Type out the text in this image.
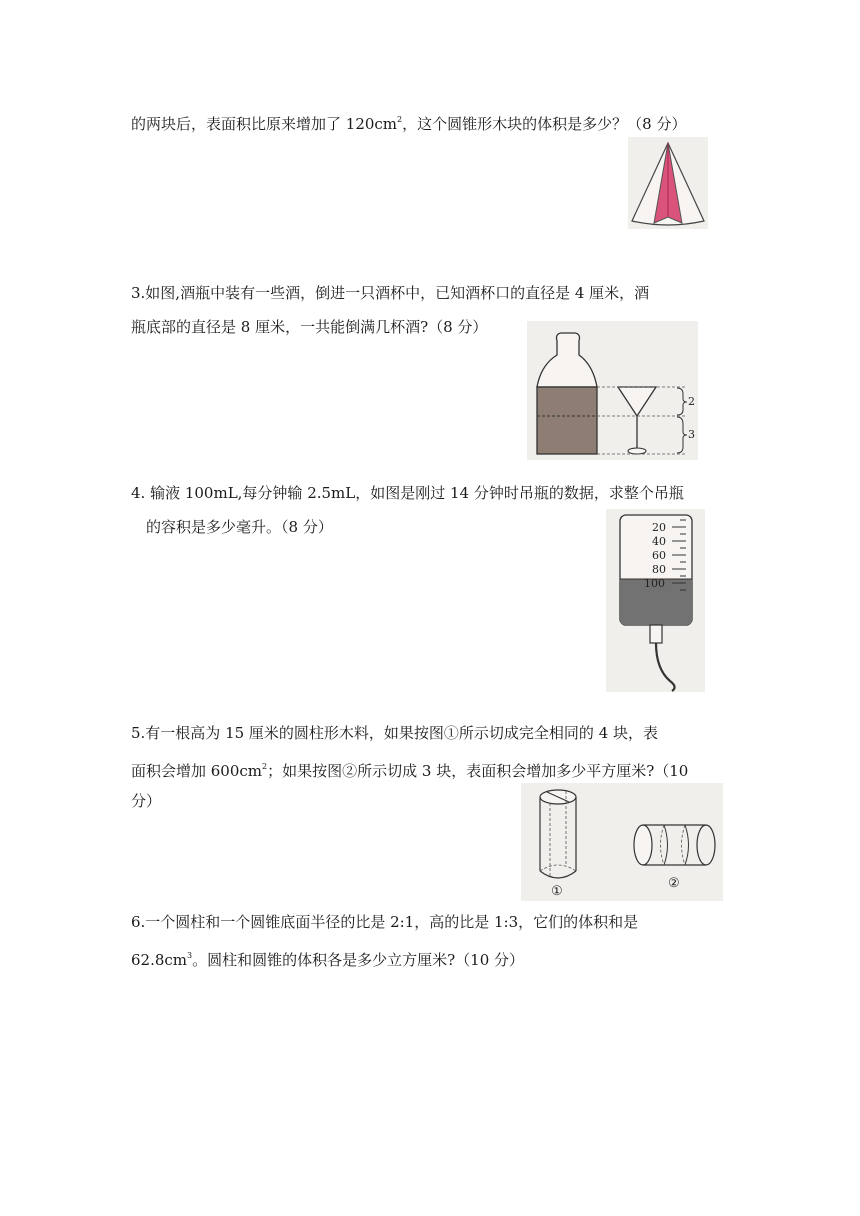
的两块后，表面积比原来增加了 $120cm^2$，这个圆锥形木块的体积是多少？（8 分）
3.如图,酒瓶中装有一些酒，倒进一只酒杯中，已知酒杯口的直径是 4 厘米，酒
瓶底部的直径是 8 厘米，一共能倒满几杯酒?（8 分）
2
3
4. 输液 100mL,每分钟输 2.5mL，如图是刚过 14 分钟时吊瓶的数据，求整个吊瓶
的容积是多少毫升。（8 分）	20
40
60
80
100
5.有一根高为 15 厘米的圆柱形木料，如果按图①所示切成完全相同的 4 块，表
面积会增加 $600cm^2$；如果按图②所示切成 3 块，表面积会增加多少平方厘米?（10
分）
①
②
6.一个圆柱和一个圆锥底面半径的比是 2:1，高的比是 1:3，它们的体积和是
$62.8cm^3$。圆柱和圆锥的体积各是多少立方厘米?（10 分）
